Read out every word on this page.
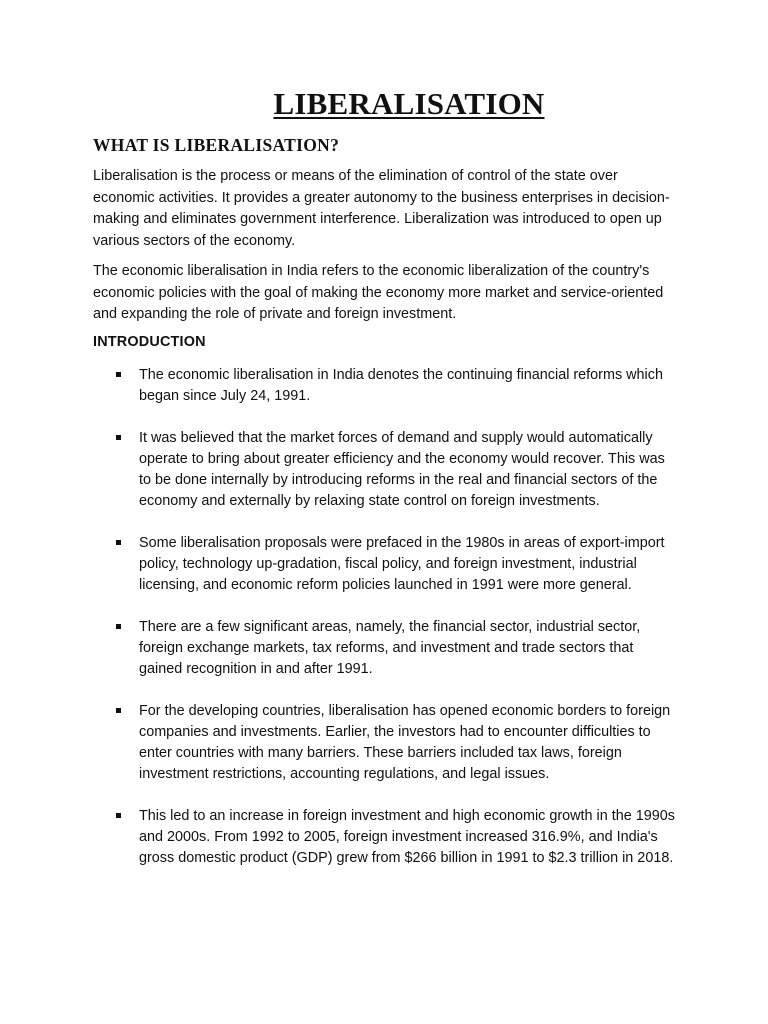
LIBERALISATION
WHAT IS LIBERALISATION?

Liberalisation is the process or means of the elimination of control of the state over economic activities. It provides a greater autonomy to the business enterprises in decision-making and eliminates government interference. Liberalization was introduced to open up various sectors of the economy.

The economic liberalisation in India refers to the economic liberalization of the country's economic policies with the goal of making the economy more market and service-oriented and expanding the role of private and foreign investment.

INTRODUCTION
The economic liberalisation in India denotes the continuing financial reforms which began since July 24, 1991.
It was believed that the market forces of demand and supply would automatically operate to bring about greater efficiency and the economy would recover. This was to be done internally by introducing reforms in the real and financial sectors of the economy and externally by relaxing state control on foreign investments.
Some liberalisation proposals were prefaced in the 1980s in areas of export-import policy, technology up-gradation, fiscal policy, and foreign investment, industrial licensing, and economic reform policies launched in 1991 were more general.
There are a few significant areas, namely, the financial sector, industrial sector, foreign exchange markets, tax reforms, and investment and trade sectors that gained recognition in and after 1991.
For the developing countries, liberalisation has opened economic borders to foreign companies and investments. Earlier, the investors had to encounter difficulties to enter countries with many barriers. These barriers included tax laws, foreign investment restrictions, accounting regulations, and legal issues.
This led to an increase in foreign investment and high economic growth in the 1990s and 2000s. From 1992 to 2005, foreign investment increased 316.9%, and India's gross domestic product (GDP) grew from $266 billion in 1991 to $2.3 trillion in 2018.
